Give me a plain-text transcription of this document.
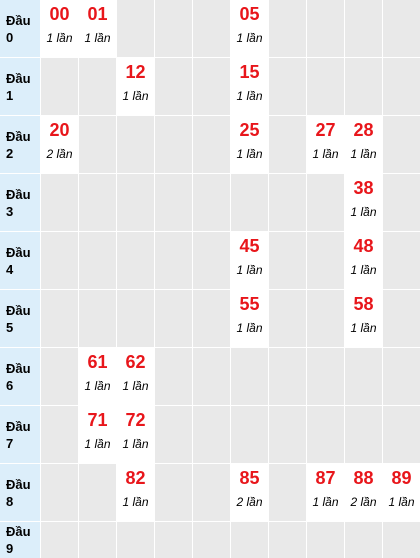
Đầu
0
00
1 lần
01
1 lần
05
1 lần
Đầu
1
12
1 lần
15
1 lần
Đầu
2
20
2 lần
25
1 lần
27
1 lần
28
1 lần
Đầu
3
38
1 lần
Đầu
4
45
1 lần
48
1 lần
Đầu
5
55
1 lần
58
1 lần
Đầu
6
61
1 lần
62
1 lần
Đầu
7
71
1 lần
72
1 lần
Đầu
8
82
1 lần
85
2 lần
87
1 lần
88
2 lần
89
1 lần
Đầu
9
